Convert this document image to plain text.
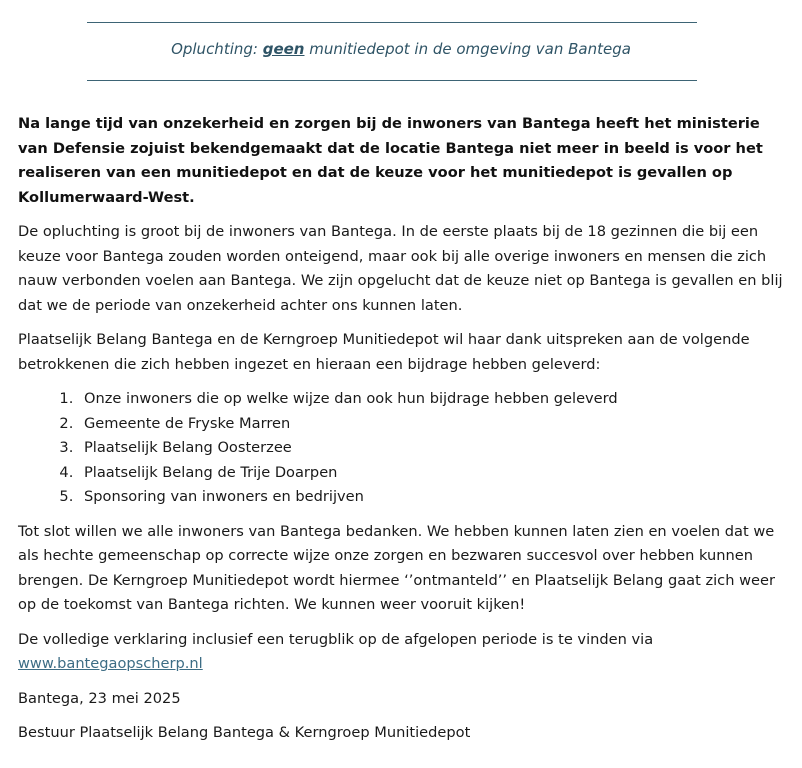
Opluchting: geen munitiedepot in de omgeving van Bantega

Na lange tijd van onzekerheid en zorgen bij de inwoners van Bantega heeft het ministerie van Defensie zojuist bekendgemaakt dat de locatie Bantega niet meer in beeld is voor het realiseren van een munitiedepot en dat de keuze voor het munitiedepot is gevallen op Kollumerwaard-West.

De opluchting is groot bij de inwoners van Bantega. In de eerste plaats bij de 18 gezinnen die bij een keuze voor Bantega zouden worden onteigend, maar ook bij alle overige inwoners en mensen die zich nauw verbonden voelen aan Bantega. We zijn opgelucht dat de keuze niet op Bantega is gevallen en blij dat we de periode van onzekerheid achter ons kunnen laten.

Plaatselijk Belang Bantega en de Kerngroep Munitiedepot wil haar dank uitspreken aan de volgende betrokkenen die zich hebben ingezet en hieraan een bijdrage hebben geleverd:

1. Onze inwoners die op welke wijze dan ook hun bijdrage hebben geleverd
2. Gemeente de Fryske Marren
3. Plaatselijk Belang Oosterzee
4. Plaatselijk Belang de Trije Doarpen
5. Sponsoring van inwoners en bedrijven

Tot slot willen we alle inwoners van Bantega bedanken. We hebben kunnen laten zien en voelen dat we als hechte gemeenschap op correcte wijze onze zorgen en bezwaren succesvol over hebben kunnen brengen. De Kerngroep Munitiedepot wordt hiermee ‘’ontmanteld’’ en Plaatselijk Belang gaat zich weer op de toekomst van Bantega richten. We kunnen weer vooruit kijken!

De volledige verklaring inclusief een terugblik op de afgelopen periode is te vinden via www.bantegaopscherp.nl

Bantega, 23 mei 2025

Bestuur Plaatselijk Belang Bantega & Kerngroep Munitiedepot
